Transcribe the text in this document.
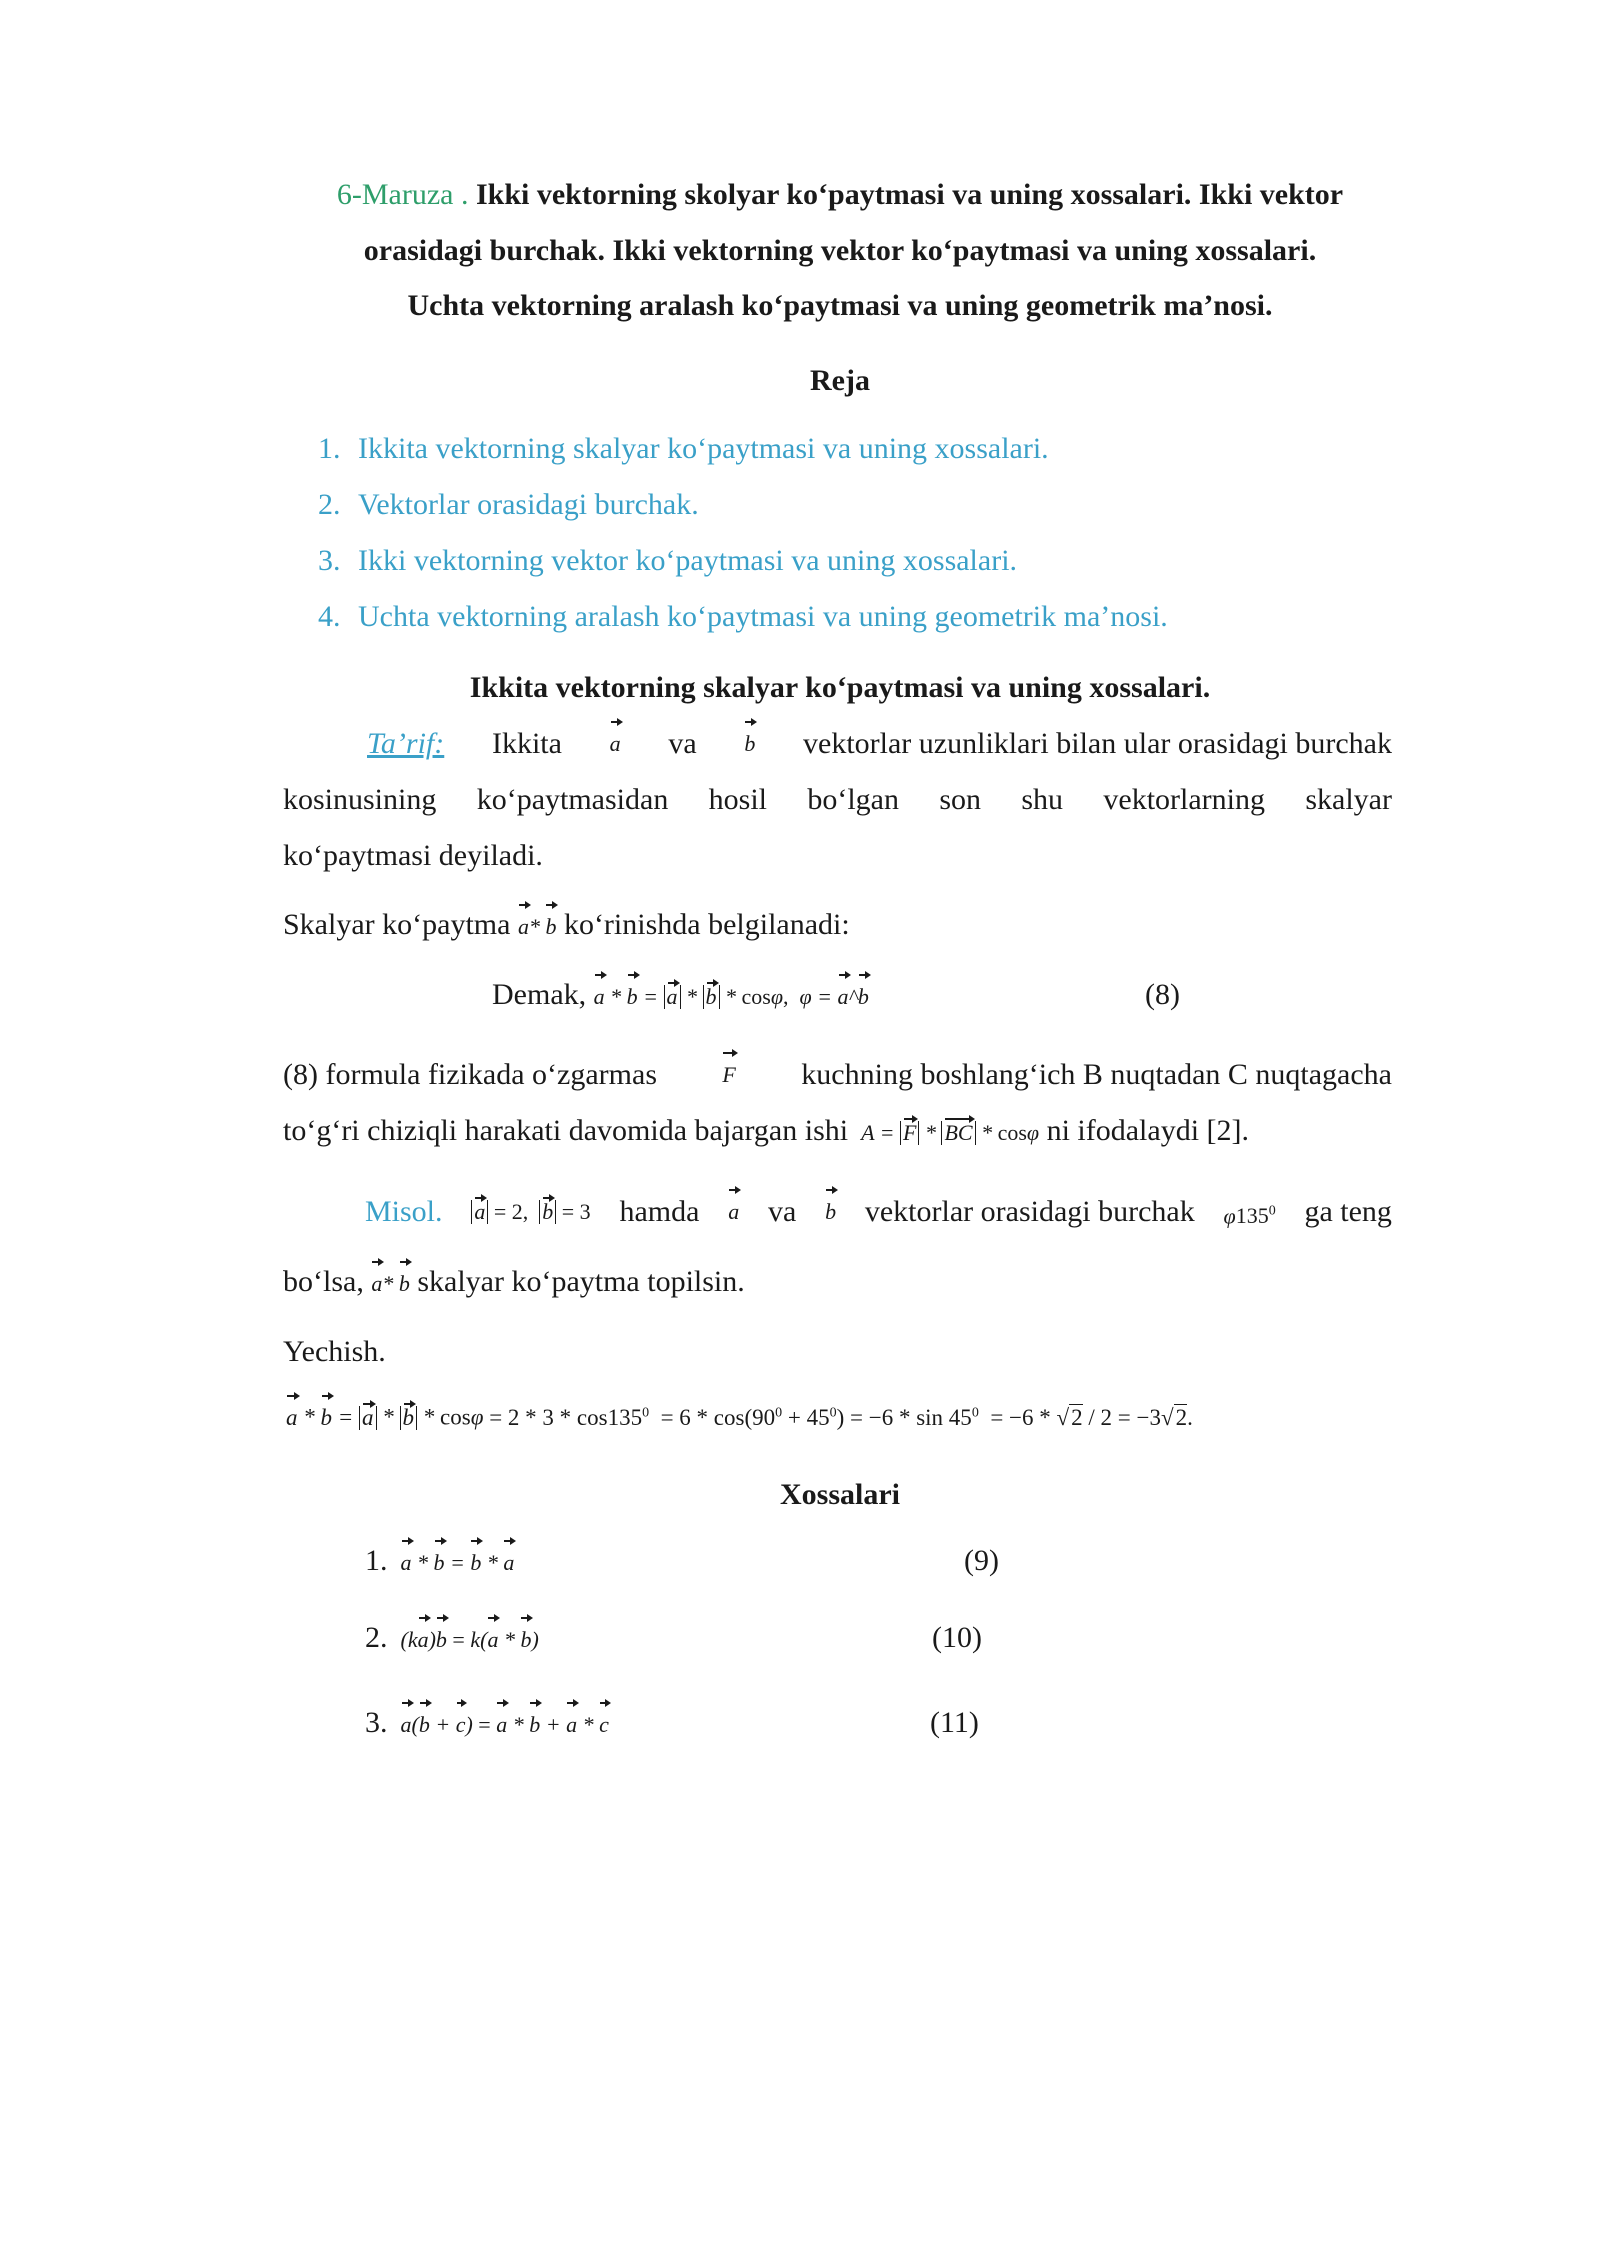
6-Maruza . Ikki vektorning skolyar ko‘paytmasi va uning xossalari. Ikki vektor
orasidagi burchak. Ikki vektorning vektor ko‘paytmasi va uning xossalari.
Uchta vektorning aralash ko‘paytmasi va uning geometrik ma’nosi.
Reja
1. Ikkita vektorning skalyar ko‘paytmasi va uning xossalari.
2. Vektorlar orasidagi burchak.
3. Ikki vektorning vektor ko‘paytmasi va uning xossalari.
4. Uchta vektorning aralash ko‘paytmasi va uning geometrik ma’nosi.
Ikkita vektorning skalyar ko‘paytmasi va uning xossalari.
Ta’rif: Ikkita a va b vektorlar uzunliklari bilan ular orasidagi burchak
kosinusining ko‘paytmasidan hosil bo‘lgan son shu vektorlarning skalyar
ko‘paytmasi deyiladi.
Skalyar ko‘paytma a* b ko‘rinishda belgilanadi:
Demak, a * b = a * b * cosφ,  φ = a^b	(8)
(8) formula fizikada o‘zgarmas	F kuchning boshlang‘ich B nuqtadan C nuqtagacha
to‘g‘ri chiziqli harakati davomida bajargan ishi  A = F * BC * cosφ ni ifodalaydi [2].
Misol. a = 2, b = 3 hamda a va b vektorlar orasidagi burchak $\varphi 135^0$ ga teng
bo‘lsa, a* b skalyar ko‘paytma topilsin.
Yechish.
$a * b = a * b * \cos\varphi = 2 * 3 * \cos 135^0 = 6 * \cos(90^0 + 45^0) = -6 * \sin 45^0 = -6 * √2 / 2 = -3√2$.
Xossalari
1. a * b = b * a	(9)
2.  (ka)b = k(a * b)	(10)
3. a(b + c) = a * b + a * c	(11)
